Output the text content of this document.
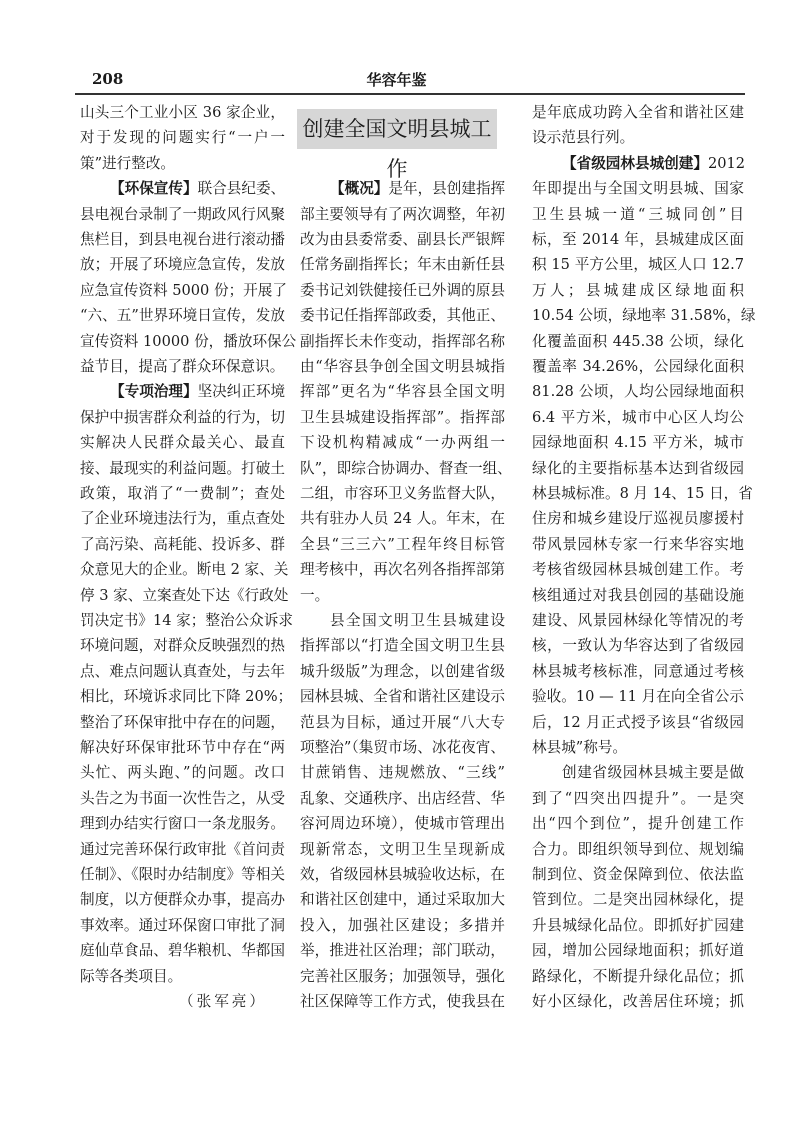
208	华容年鉴
创建全国文明县城工作
山头三个工业小区 36 家企业，
对于发现的问题实行“一户一
策”进行整改。
【环保宣传】联合县纪委、
县电视台录制了一期政风行风聚
焦栏目，到县电视台进行滚动播
放；开展了环境应急宣传，发放
应急宣传资料 5000 份；开展了
“六、五”世界环境日宣传，发放
宣传资料 10000 份，播放环保公
益节目，提高了群众环保意识。
【专项治理】坚决纠正环境
保护中损害群众利益的行为，切
实解决人民群众最关心、最直
接、最现实的利益问题。打破土
政策，取消了“一费制”；查处
了企业环境违法行为，重点查处
了高污染、高耗能、投诉多、群
众意见大的企业。断电 2 家、关
停 3 家、立案查处下达《行政处
罚决定书》14 家；整治公众诉求
环境问题，对群众反映强烈的热
点、难点问题认真查处，与去年
相比，环境诉求同比下降 20%；
整治了环保审批中存在的问题，
解决好环保审批环节中存在“两
头忙、两头跑、”的问题。改口
头告之为书面一次性告之，从受
理到办结实行窗口一条龙服务。
通过完善环保行政审批《首问责
任制》、《限时办结制度》等相关
制度，以方便群众办事，提高办
事效率。通过环保窗口审批了洞
庭仙草食品、碧华粮机、华都国
际等各类项目。
（张军亮）
【概况】是年，县创建指挥
部主要领导有了两次调整，年初
改为由县委常委、副县长严银辉
任常务副指挥长；年末由新任县
委书记刘铁健接任已外调的原县
委书记任指挥部政委，其他正、
副指挥长未作变动，指挥部名称
由“华容县争创全国文明县城指
挥部”更名为“华容县全国文明
卫生县城建设指挥部”。指挥部
下设机构精减成“一办两组一
队”，即综合协调办、督查一组、
二组，市容环卫义务监督大队，
共有驻办人员 24 人。年末，在
全县“三三六”工程年终目标管
理考核中，再次名列各指挥部第
一。
县全国文明卫生县城建设
指挥部以“打造全国文明卫生县
城升级版”为理念，以创建省级
园林县城、全省和谐社区建设示
范县为目标，通过开展“八大专
项整治”（集贸市场、冰花夜宵、
甘蔗销售、违规燃放、“三线”
乱象、交通秩序、出店经营、华
容河周边环境），使城市管理出
现新常态，文明卫生呈现新成
效，省级园林县城验收达标，在
和谐社区创建中，通过采取加大
投入，加强社区建设；多措并
举，推进社区治理；部门联动，
完善社区服务；加强领导，强化
社区保障等工作方式，使我县在
是年底成功跨入全省和谐社区建
设示范县行列。
【省级园林县城创建】2012
年即提出与全国文明县城、国家
卫生县城一道“三城同创”目
标，至 2014 年，县城建成区面
积 15 平方公里，城区人口 12.7
万人；县城建成区绿地面积
10.54 公顷，绿地率 31.58%，绿
化覆盖面积 445.38 公顷，绿化
覆盖率 34.26%，公园绿化面积
81.28 公顷，人均公园绿地面积
6.4 平方米，城市中心区人均公
园绿地面积 4.15 平方米，城市
绿化的主要指标基本达到省级园
林县城标准。8 月 14、15 日，省
住房和城乡建设厅巡视员廖援村
带风景园林专家一行来华容实地
考核省级园林县城创建工作。考
核组通过对我县创园的基础设施
建设、风景园林绿化等情况的考
核，一致认为华容达到了省级园
林县城考核标准，同意通过考核
验收。10 — 11 月在向全省公示
后，12 月正式授予该县“省级园
林县城”称号。
创建省级园林县城主要是做
到了“四突出四提升”。一是突
出“四个到位”，提升创建工作
合力。即组织领导到位、规划编
制到位、资金保障到位、依法监
管到位。二是突出园林绿化，提
升县城绿化品位。即抓好扩园建
园，增加公园绿地面积；抓好道
路绿化，不断提升绿化品位；抓
好小区绿化，改善居住环境；抓
